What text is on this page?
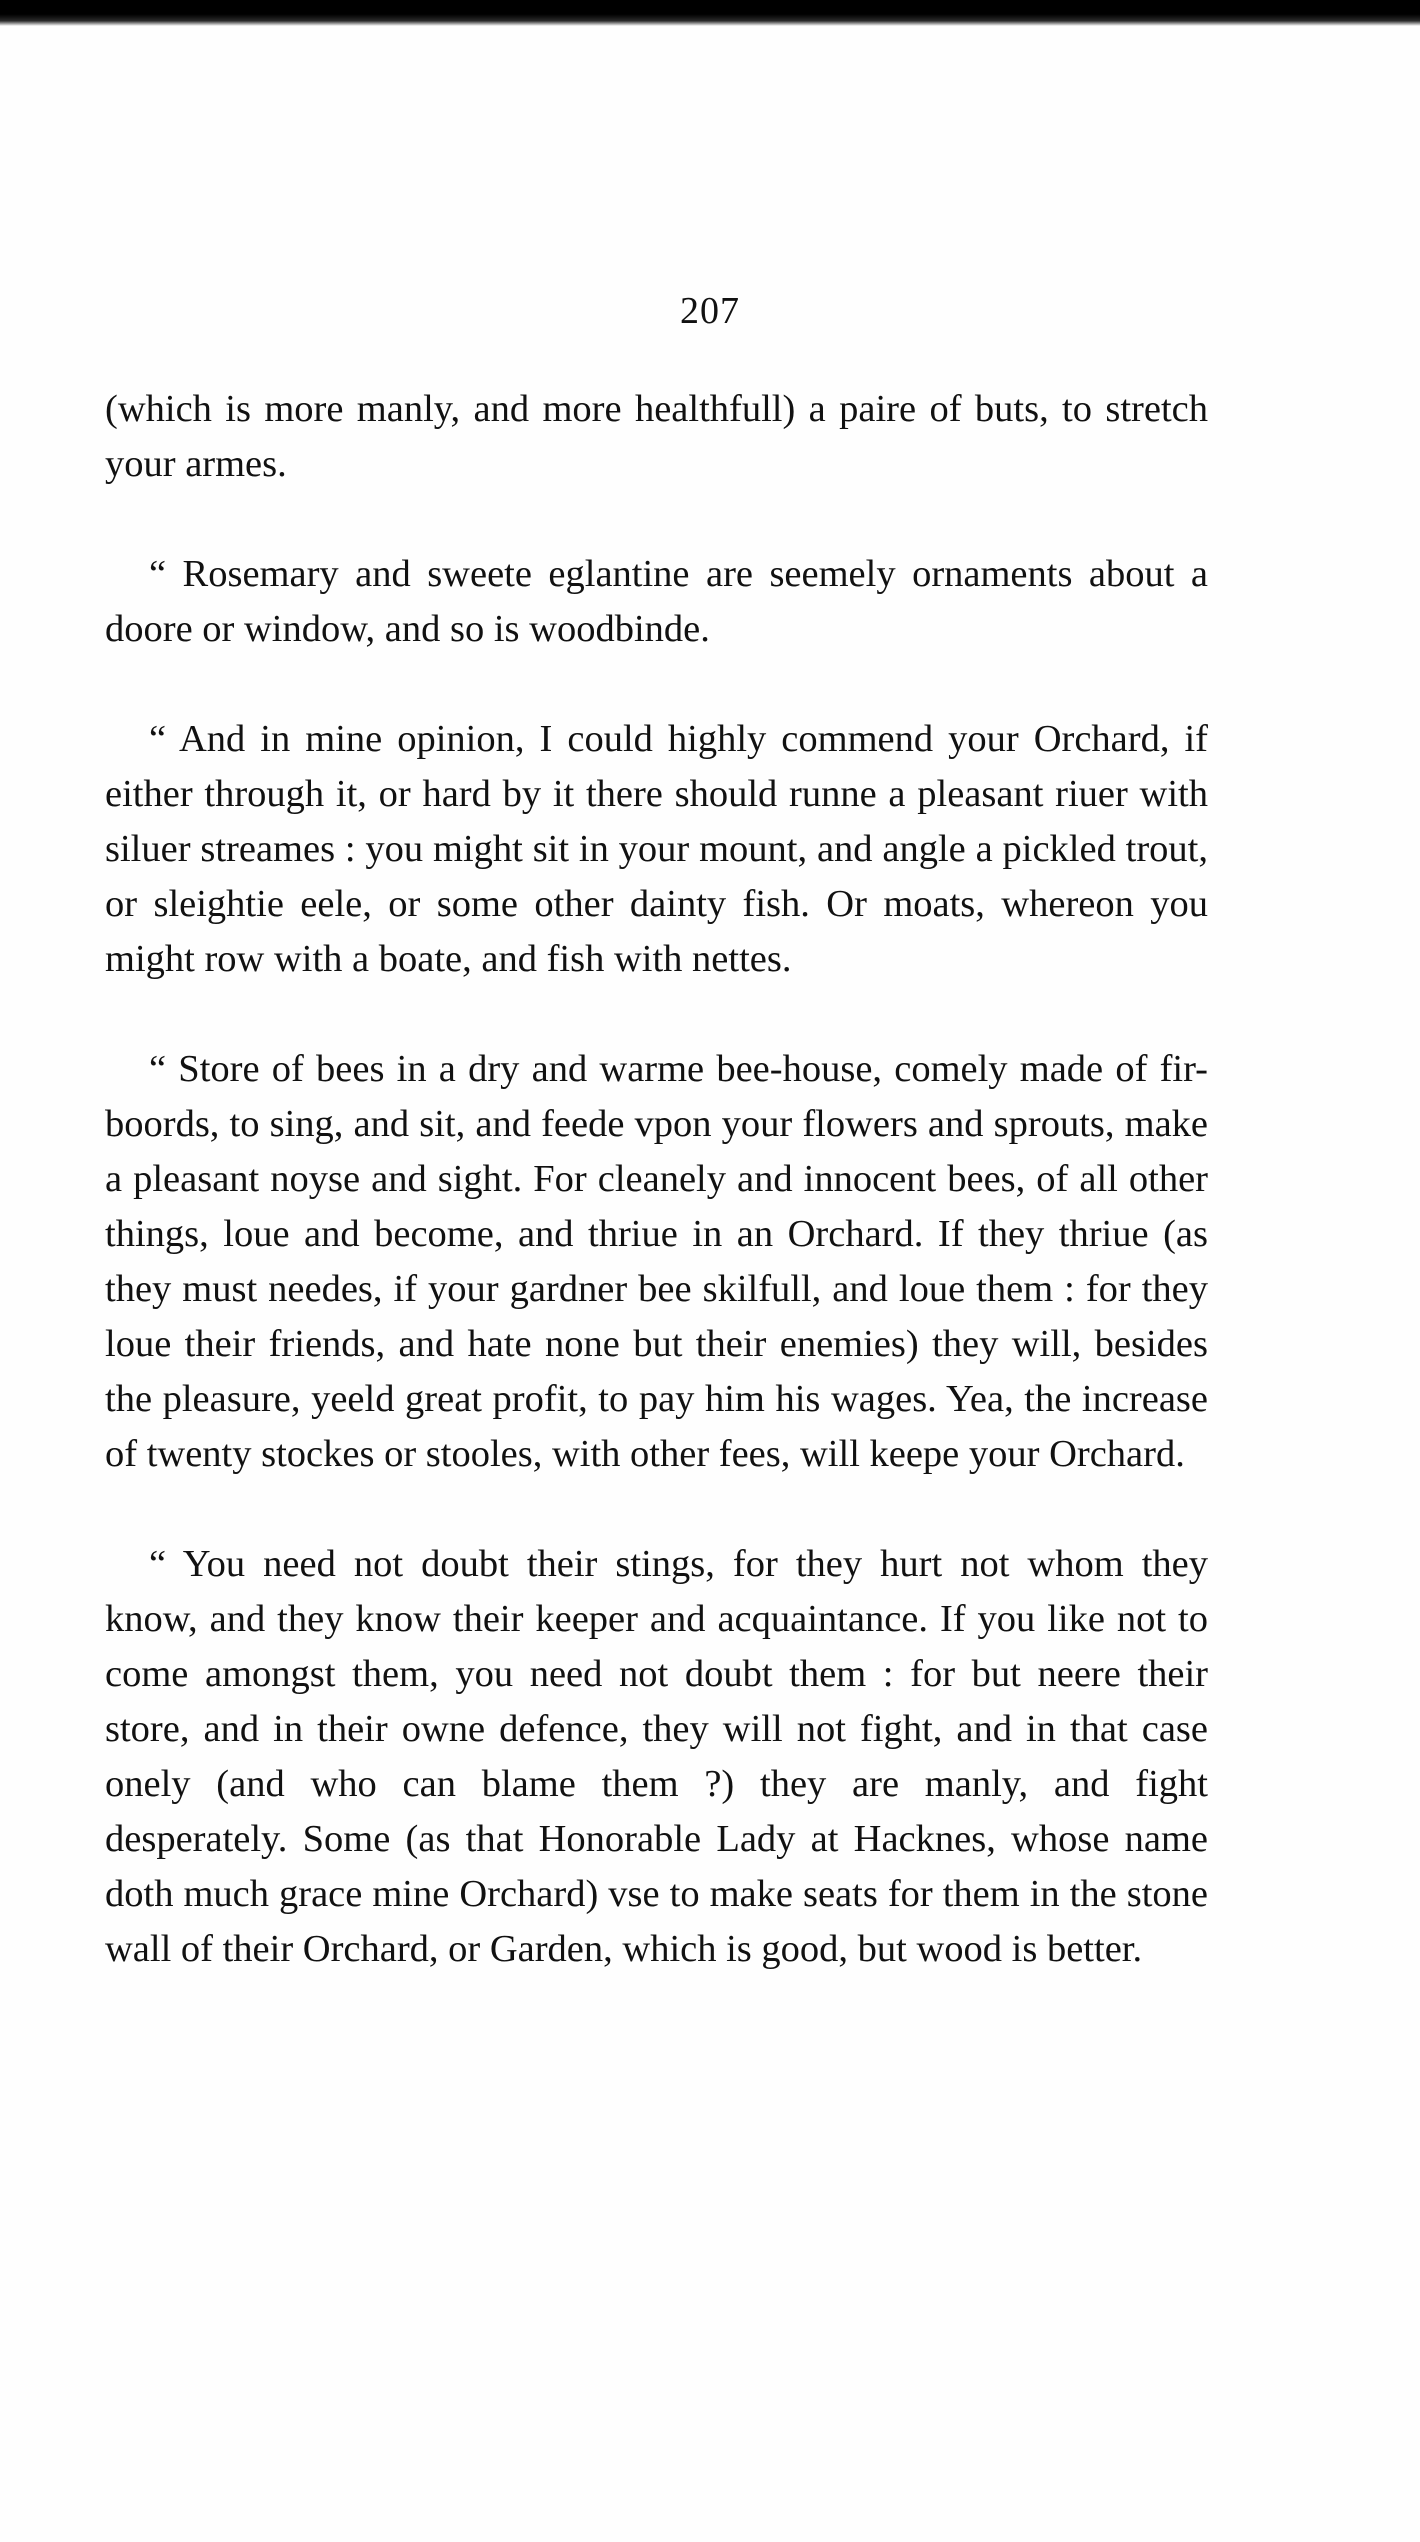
207

(which is more manly, and more healthfull) a paire of buts, to stretch your armes.

“ Rosemary and sweete eglantine are seemely ornaments about a doore or window, and so is woodbinde.

“ And in mine opinion, I could highly commend your Orchard, if either through it, or hard by it there should runne a pleasant riuer with siluer streames : you might sit in your mount, and angle a pickled trout, or sleightie eele, or some other dainty fish. Or moats, whereon you might row with a boate, and fish with nettes.

“ Store of bees in a dry and warme bee-house, comely made of fir-boords, to sing, and sit, and feede vpon your flowers and sprouts, make a pleasant noyse and sight. For cleanely and innocent bees, of all other things, loue and become, and thriue in an Orchard. If they thriue (as they must needes, if your gardner bee skilfull, and loue them : for they loue their friends, and hate none but their enemies) they will, besides the pleasure, yeeld great profit, to pay him his wages. Yea, the increase of twenty stockes or stooles, with other fees, will keepe your Orchard.

“ You need not doubt their stings, for they hurt not whom they know, and they know their keeper and acquaintance. If you like not to come amongst them, you need not doubt them : for but neere their store, and in their owne defence, they will not fight, and in that case onely (and who can blame them ?) they are manly, and fight desperately. Some (as that Honorable Lady at Hacknes, whose name doth much grace mine Orchard) vse to make seats for them in the stone wall of their Orchard, or Garden, which is good, but wood is better.
